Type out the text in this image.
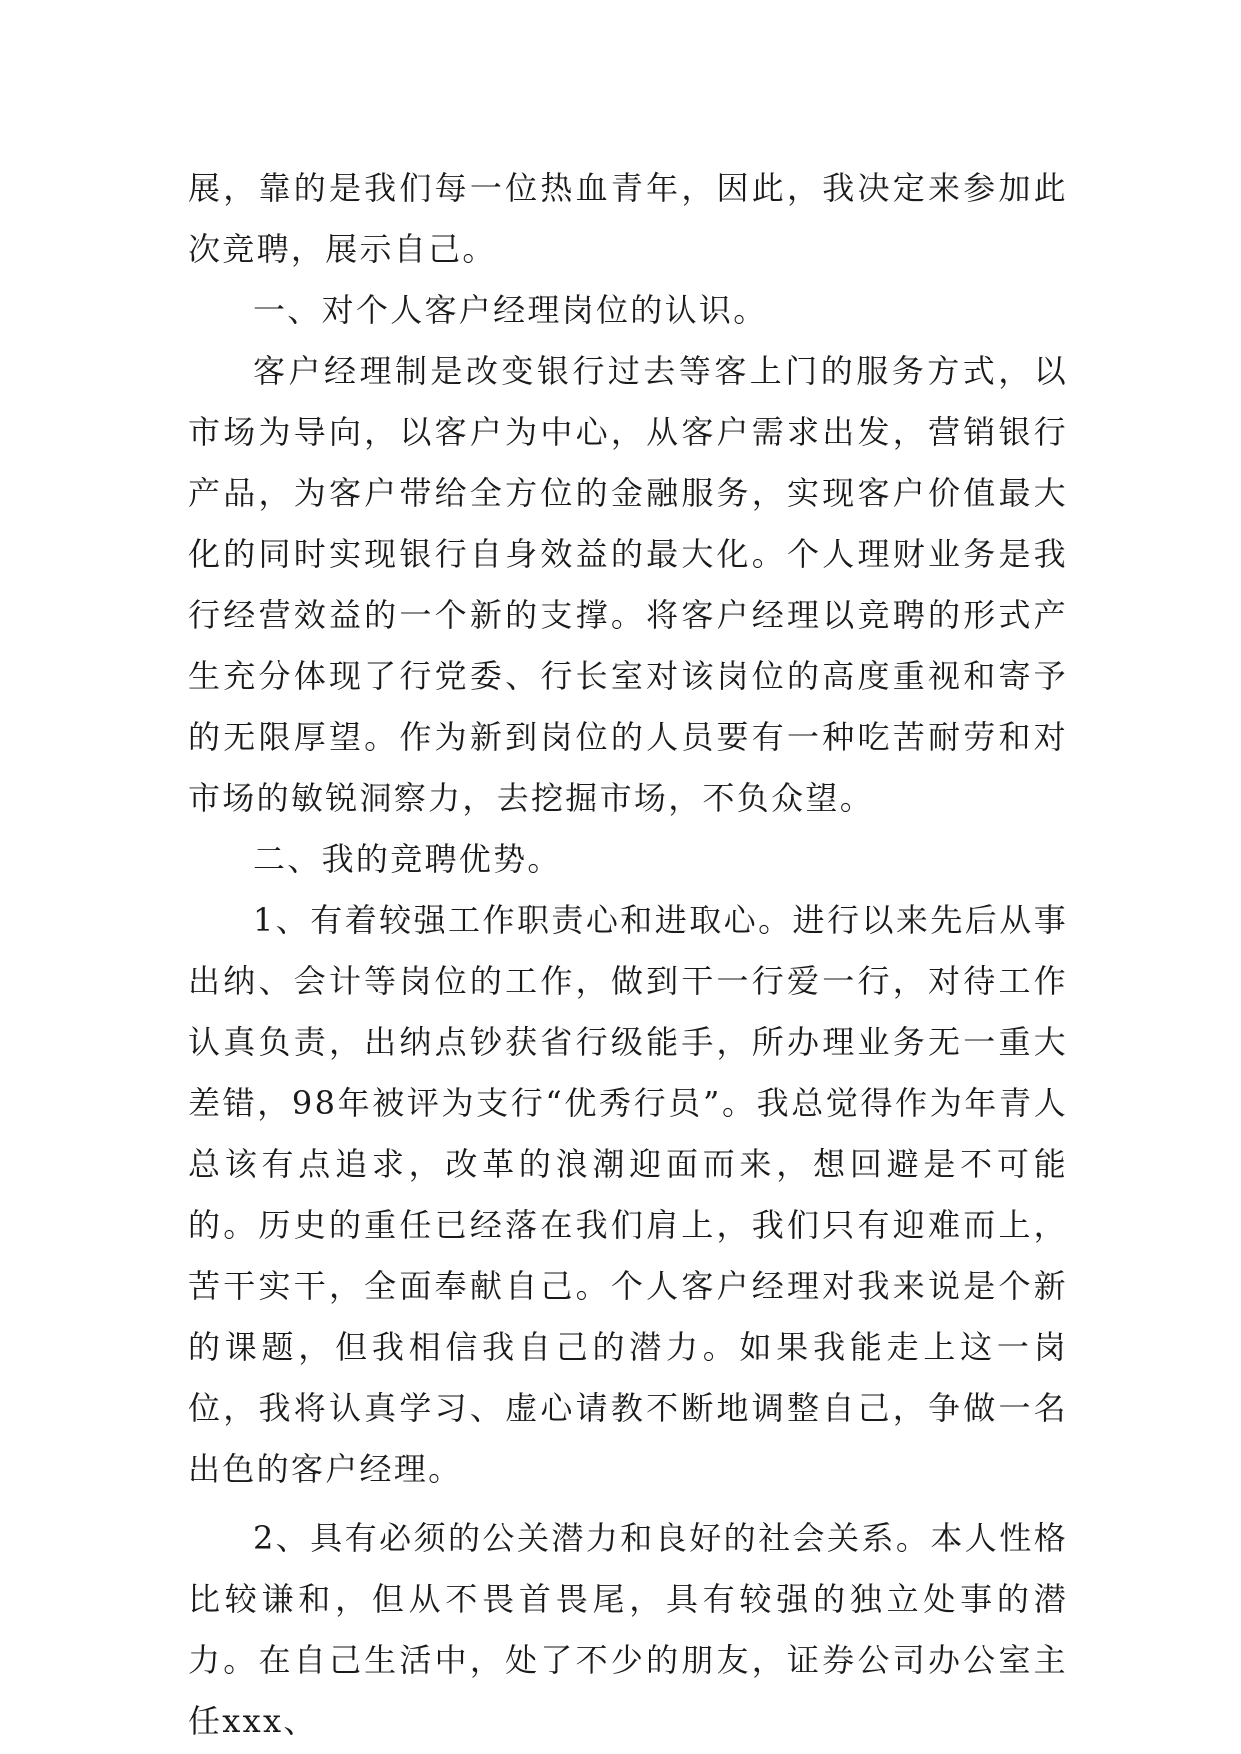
展，靠的是我们每一位热血青年，因此，我决定来参加此次竞聘，展示自己。

一、对个人客户经理岗位的认识。

客户经理制是改变银行过去等客上门的服务方式，以市场为导向，以客户为中心，从客户需求出发，营销银行产品，为客户带给全方位的金融服务，实现客户价值最大化的同时实现银行自身效益的最大化。个人理财业务是我行经营效益的一个新的支撑。将客户经理以竞聘的形式产生充分体现了行党委、行长室对该岗位的高度重视和寄予的无限厚望。作为新到岗位的人员要有一种吃苦耐劳和对市场的敏锐洞察力，去挖掘市场，不负众望。

二、我的竞聘优势。

1、有着较强工作职责心和进取心。进行以来先后从事出纳、会计等岗位的工作，做到干一行爱一行，对待工作认真负责，出纳点钞获省行级能手，所办理业务无一重大差错，98年被评为支行“优秀行员”。我总觉得作为年青人总该有点追求，改革的浪潮迎面而来，想回避是不可能的。历史的重任已经落在我们肩上，我们只有迎难而上，苦干实干，全面奉献自己。个人客户经理对我来说是个新的课题，但我相信我自己的潜力。如果我能走上这一岗位，我将认真学习、虚心请教不断地调整自己，争做一名出色的客户经理。

2、具有必须的公关潜力和良好的社会关系。本人性格比较谦和，但从不畏首畏尾，具有较强的独立处事的潜力。在自己生活中，处了不少的朋友，证券公司办公室主任xxx、
